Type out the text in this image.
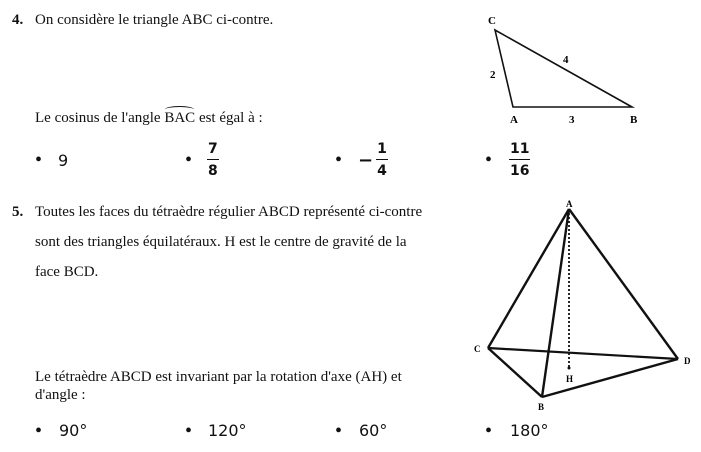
4. On considère le triangle ABC ci-contre.
Le cosinus de l'angle BAC est égal à :
• 9	• 7
8	• − $\frac{1}{4}$	• 11
16
C
A	B
2
4
3
5. Toutes les faces du tétraèdre régulier ABCD représenté ci-contre
sont des triangles équilatéraux. H est le centre de gravité de la
face BCD.
Le tétraèdre ABCD est invariant par la rotation d'axe (AH) et
d'angle :
• 90°	• 120°	• 60°	• 180°
A
C
D
B
H
